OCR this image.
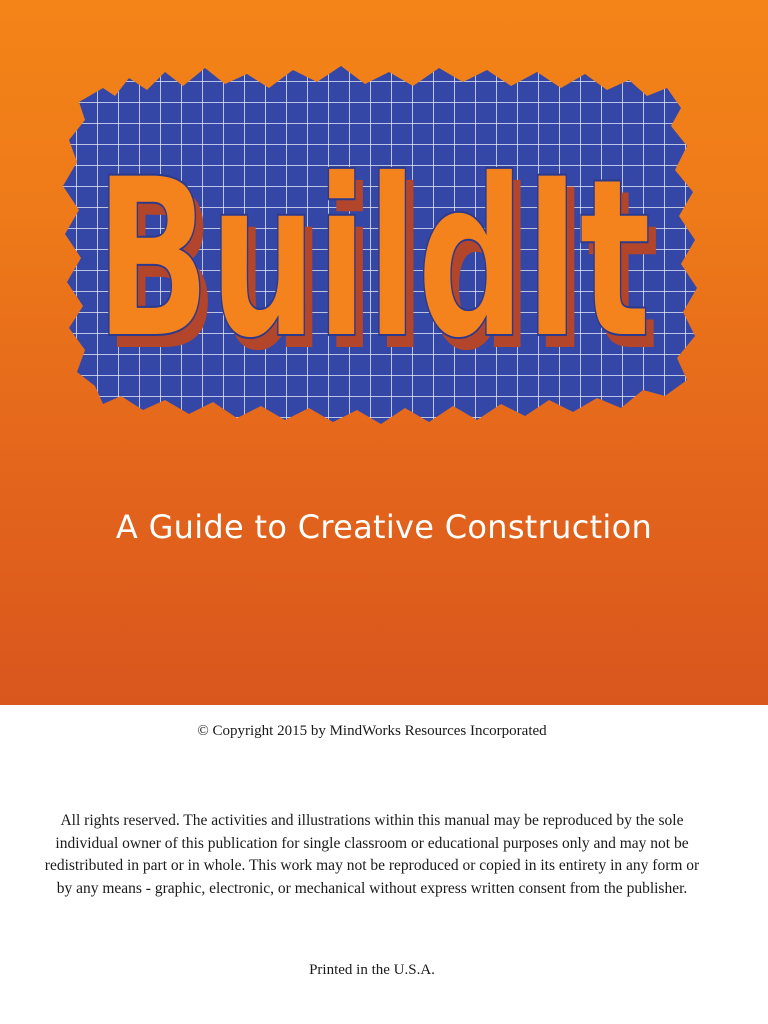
BuildIt
BuildIt
A Guide to Creative Construction
© Copyright 2015 by MindWorks Resources Incorporated
All rights reserved. The activities and illustrations within this manual may be reproduced by the sole individual owner of this publication for single classroom or educational purposes only and may not be redistributed in part or in whole. This work may not be reproduced or copied in its entirety in any form or by any means - graphic, electronic, or mechanical without express written consent from the publisher.
Printed in the U.S.A.
